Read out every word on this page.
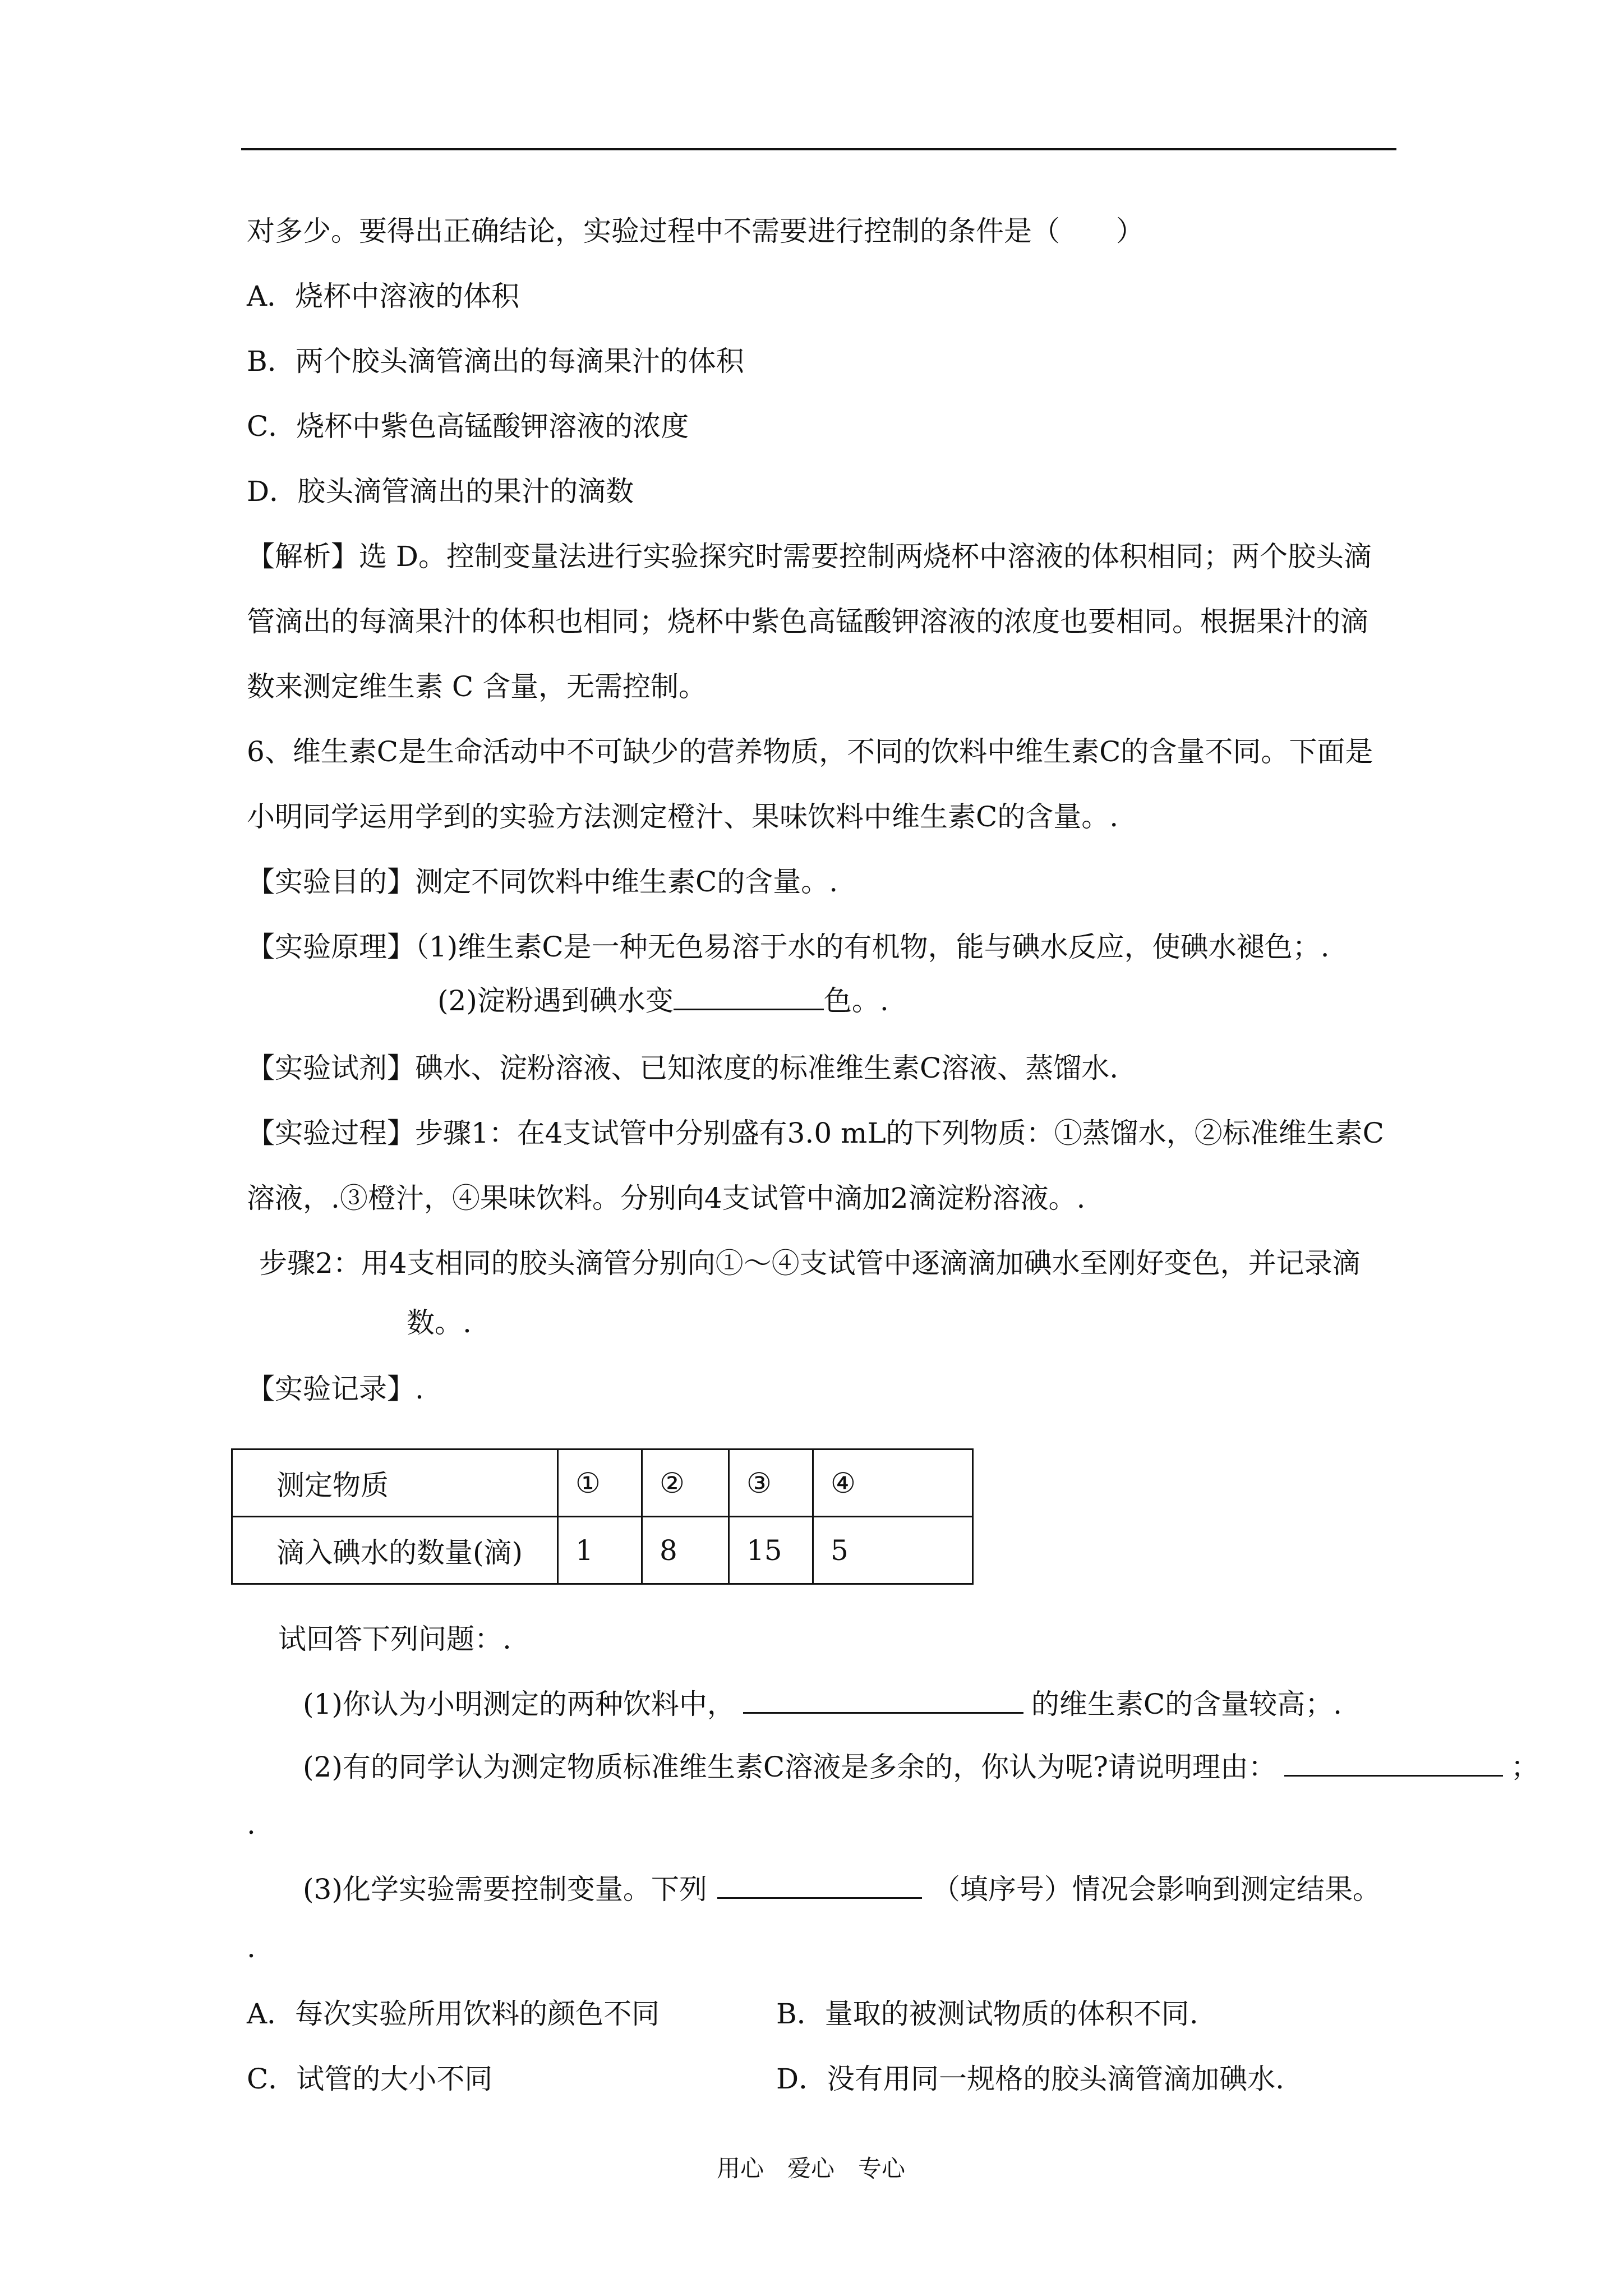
对多少。要得出正确结论，实验过程中不需要进行控制的条件是（　　）
A．烧杯中溶液的体积
B．两个胶头滴管滴出的每滴果汁的体积
C．烧杯中紫色高锰酸钾溶液的浓度
D．胶头滴管滴出的果汁的滴数
【解析】选 D。控制变量法进行实验探究时需要控制两烧杯中溶液的体积相同；两个胶头滴
管滴出的每滴果汁的体积也相同；烧杯中紫色高锰酸钾溶液的浓度也要相同。根据果汁的滴
数来测定维生素 C 含量，无需控制。
6、维生素C是生命活动中不可缺少的营养物质，不同的饮料中维生素C的含量不同。下面是
小明同学运用学到的实验方法测定橙汁、果味饮料中维生素C的含量。.
【实验目的】测定不同饮料中维生素C的含量。.
【实验原理】（1)维生素C是一种无色易溶于水的有机物，能与碘水反应，使碘水褪色；.
(2)淀粉遇到碘水变	色。.
【实验试剂】碘水、淀粉溶液、已知浓度的标准维生素C溶液、蒸馏水.
【实验过程】步骤1：在4支试管中分别盛有3.0 mL的下列物质：①蒸馏水，②标准维生素C
溶液，.③橙汁，④果味饮料。分别向4支试管中滴加2滴淀粉溶液。.
步骤2：用4支相同的胶头滴管分别向①～④支试管中逐滴滴加碘水至刚好变色，并记录滴
数。.
【实验记录】.
测定物质	①	②	③	④
滴入碘水的数量(滴)	1	8	15	5
试回答下列问题：.
(1)你认为小明测定的两种饮料中，	的维生素C的含量较高；.
(2)有的同学认为测定物质标准维生素C溶液是多余的，你认为呢?请说明理由：	；
.
(3)化学实验需要控制变量。下列	（填序号）情况会影响到测定结果。
.
A．每次实验所用饮料的颜色不同	B．量取的被测试物质的体积不同.
C．试管的大小不同	D．没有用同一规格的胶头滴管滴加碘水.
用心　爱心　专心
